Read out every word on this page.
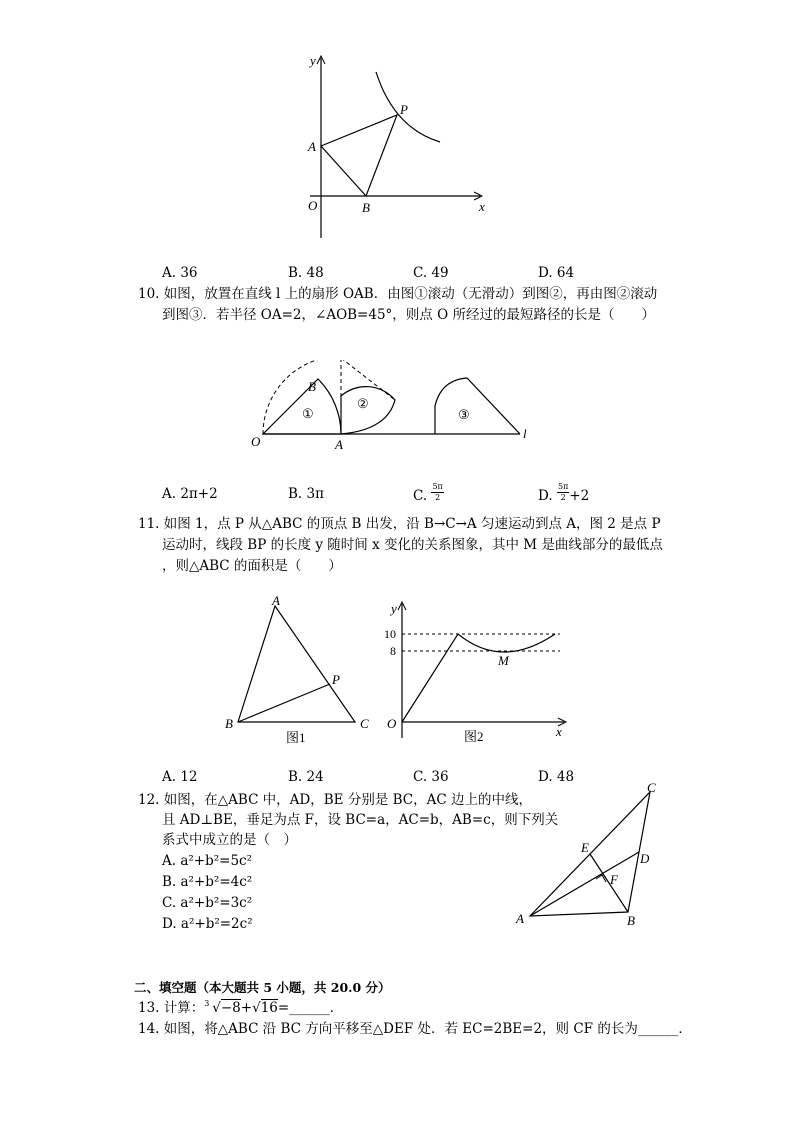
y
x
O
A
B
P
A. 36	B. 48	C. 49	D. 64
10. 如图，放置在直线 l 上的扇形 OAB．由图①滚动（无滑动）到图②，再由图②滚动
到图③．若半径 OA=2，∠AOB=45°，则点 O 所经过的最短路径的长是（　　）
O	A
B
l
①
②
③
A. 2π+2	B. 3π	C. $\frac{5\pi}{2}$	D. $\frac{5\pi}{2} +2$
11. 如图 1，点 P 从△ABC 的顶点 B 出发，沿 B→C→A 匀速运动到点 A，图 2 是点 P
运动时，线段 BP 的长度 y 随时间 x 变化的关系图象，其中 M 是曲线部分的最低点
，则△ABC 的面积是（　　）
A
B	C
P
图1
y
x
O
10
8
M
图2
A. 12	B. 24	C. 36	D. 48
12. 如图，在△ABC 中，AD，BE 分别是 BC，AC 边上的中线，
且 AD⊥BE，垂足为点 F，设 BC=a，AC=b，AB=c，则下列关
系式中成立的是（　）
A. a²+b²=5c²
B. a²+b²=4c²
C. a²+b²=3c²
D. a²+b²=2c²
C
A	B
D
E
F
二、填空题（本大题共 5 小题，共 20.0 分）
13. 计算： 3 √−8+√16=______．
14. 如图，将△ABC 沿 BC 方向平移至△DEF 处．若 EC=2BE=2，则 CF 的长为______．
